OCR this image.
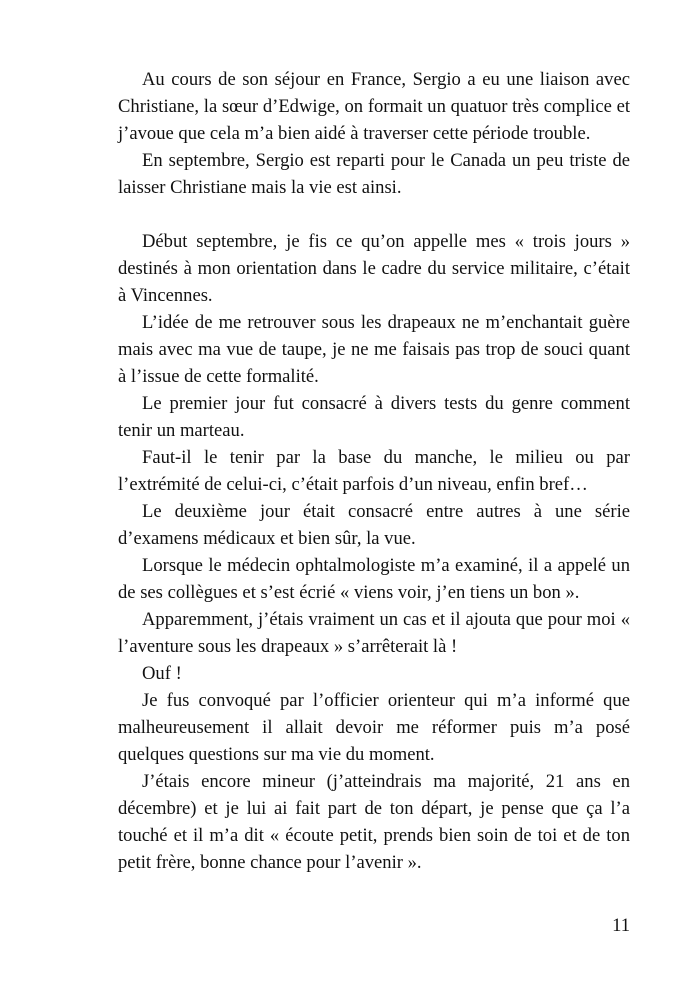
Au cours de son séjour en France, Sergio a eu une liaison avec Christiane, la sœur d’Edwige, on formait un quatuor très complice et j’avoue que cela m’a bien aidé à traverser cette période trouble.

En septembre, Sergio est reparti pour le Canada un peu triste de laisser Christiane mais la vie est ainsi.

Début septembre, je fis ce qu’on appelle mes « trois jours » destinés à mon orientation dans le cadre du service militaire, c’était à Vincennes.

L’idée de me retrouver sous les drapeaux ne m’enchantait guère mais avec ma vue de taupe, je ne me faisais pas trop de souci quant à l’issue de cette formalité.

Le premier jour fut consacré à divers tests du genre comment tenir un marteau.

Faut-il le tenir par la base du manche, le milieu ou par l’extrémité de celui-ci, c’était parfois d’un niveau, enfin bref…

Le deuxième jour était consacré entre autres à une série d’examens médicaux et bien sûr, la vue.

Lorsque le médecin ophtalmologiste m’a examiné, il a appelé un de ses collègues et s’est écrié « viens voir, j’en tiens un bon ».

Apparemment, j’étais vraiment un cas et il ajouta que pour moi « l’aventure sous les drapeaux » s’arrêterait là !

Ouf !

Je fus convoqué par l’officier orienteur qui m’a informé que malheureusement il allait devoir me réformer puis m’a posé quelques questions sur ma vie du moment.

J’étais encore mineur (j’atteindrais ma majorité, 21 ans en décembre) et je lui ai fait part de ton départ, je pense que ça l’a touché et il m’a dit « écoute petit, prends bien soin de toi et de ton petit frère, bonne chance pour l’avenir ».

11
